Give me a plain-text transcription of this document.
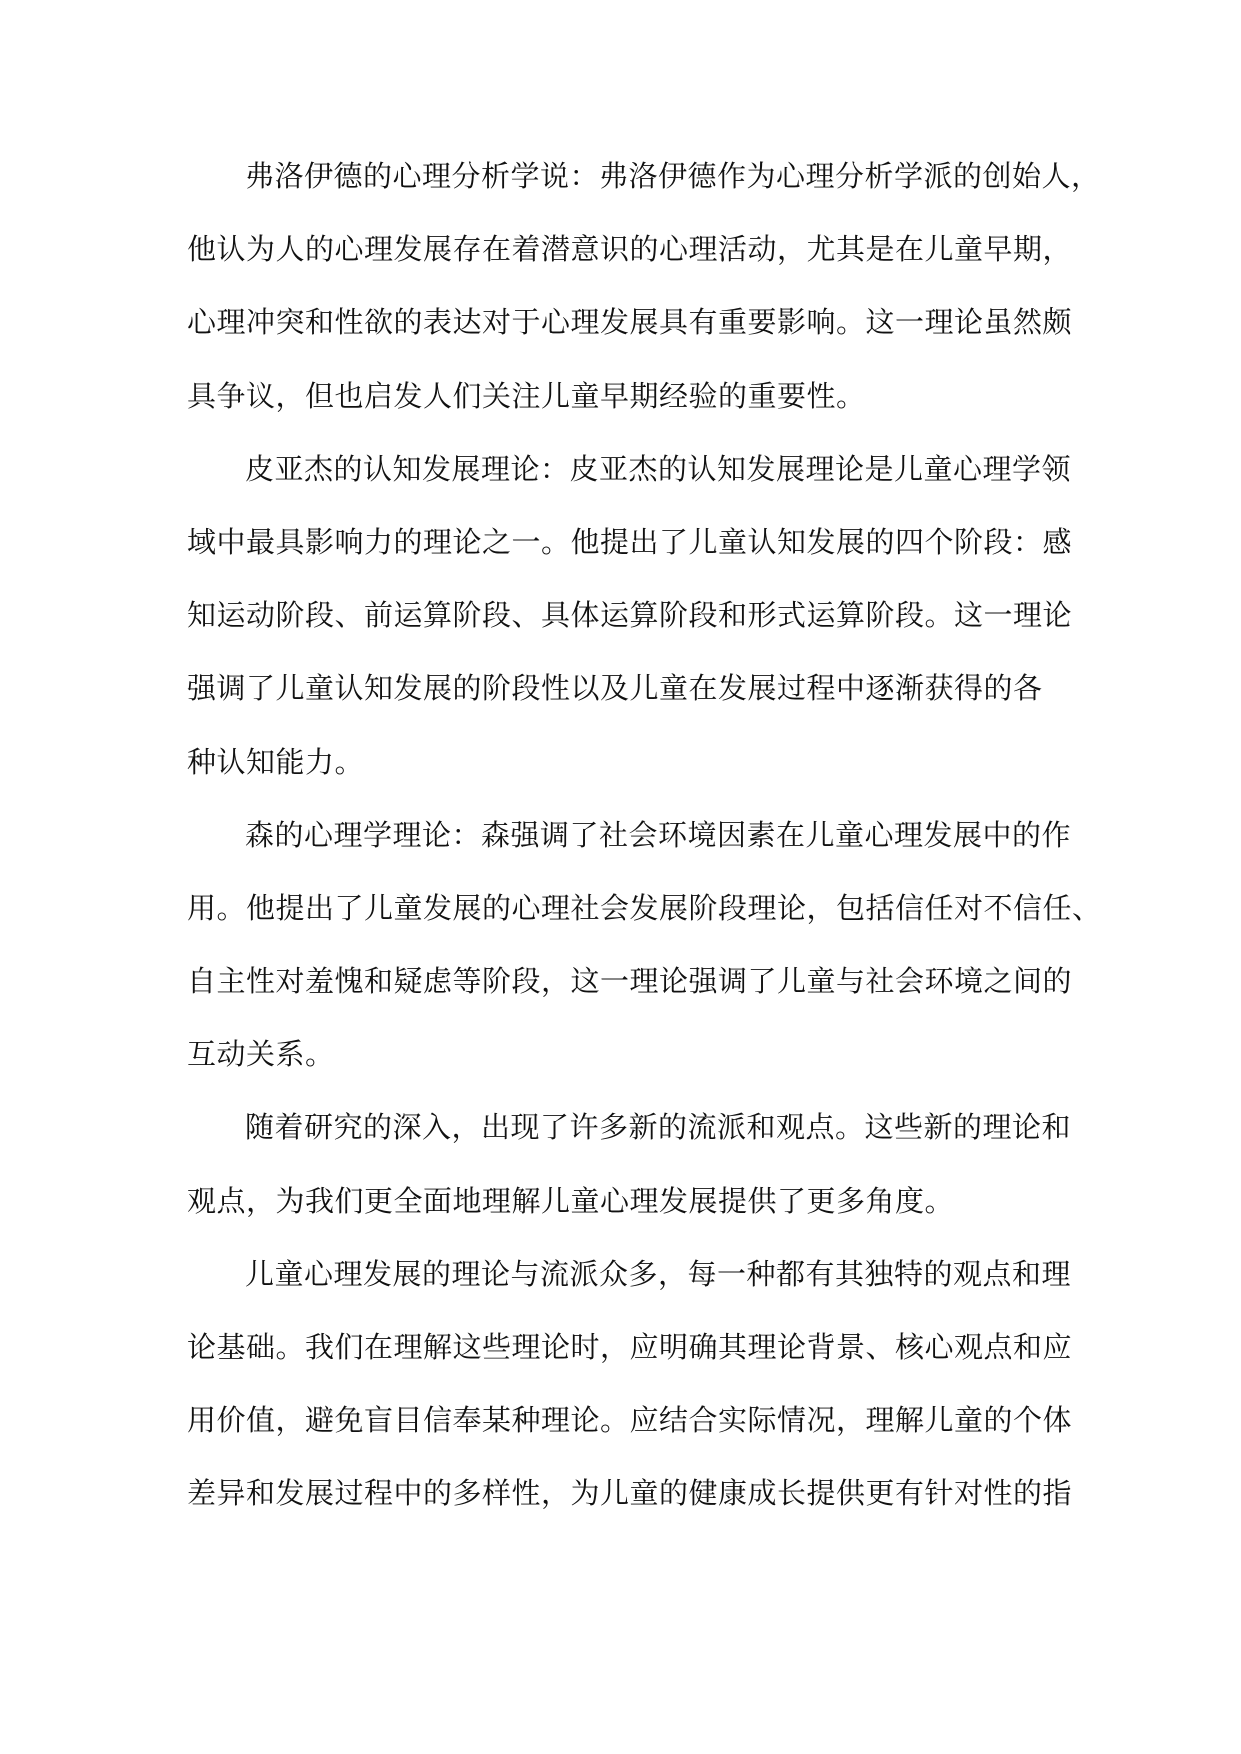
弗洛伊德的心理分析学说：弗洛伊德作为心理分析学派的创始人，
他认为人的心理发展存在着潜意识的心理活动，尤其是在儿童早期，
心理冲突和性欲的表达对于心理发展具有重要影响。这一理论虽然颇
具争议，但也启发人们关注儿童早期经验的重要性。
皮亚杰的认知发展理论：皮亚杰的认知发展理论是儿童心理学领
域中最具影响力的理论之一。他提出了儿童认知发展的四个阶段：感
知运动阶段、前运算阶段、具体运算阶段和形式运算阶段。这一理论
强调了儿童认知发展的阶段性以及儿童在发展过程中逐渐获得的各
种认知能力。
森的心理学理论：森强调了社会环境因素在儿童心理发展中的作
用。他提出了儿童发展的心理社会发展阶段理论，包括信任对不信任、
自主性对羞愧和疑虑等阶段，这一理论强调了儿童与社会环境之间的
互动关系。
随着研究的深入，出现了许多新的流派和观点。这些新的理论和
观点，为我们更全面地理解儿童心理发展提供了更多角度。
儿童心理发展的理论与流派众多，每一种都有其独特的观点和理
论基础。我们在理解这些理论时，应明确其理论背景、核心观点和应
用价值，避免盲目信奉某种理论。应结合实际情况，理解儿童的个体
差异和发展过程中的多样性，为儿童的健康成长提供更有针对性的指
